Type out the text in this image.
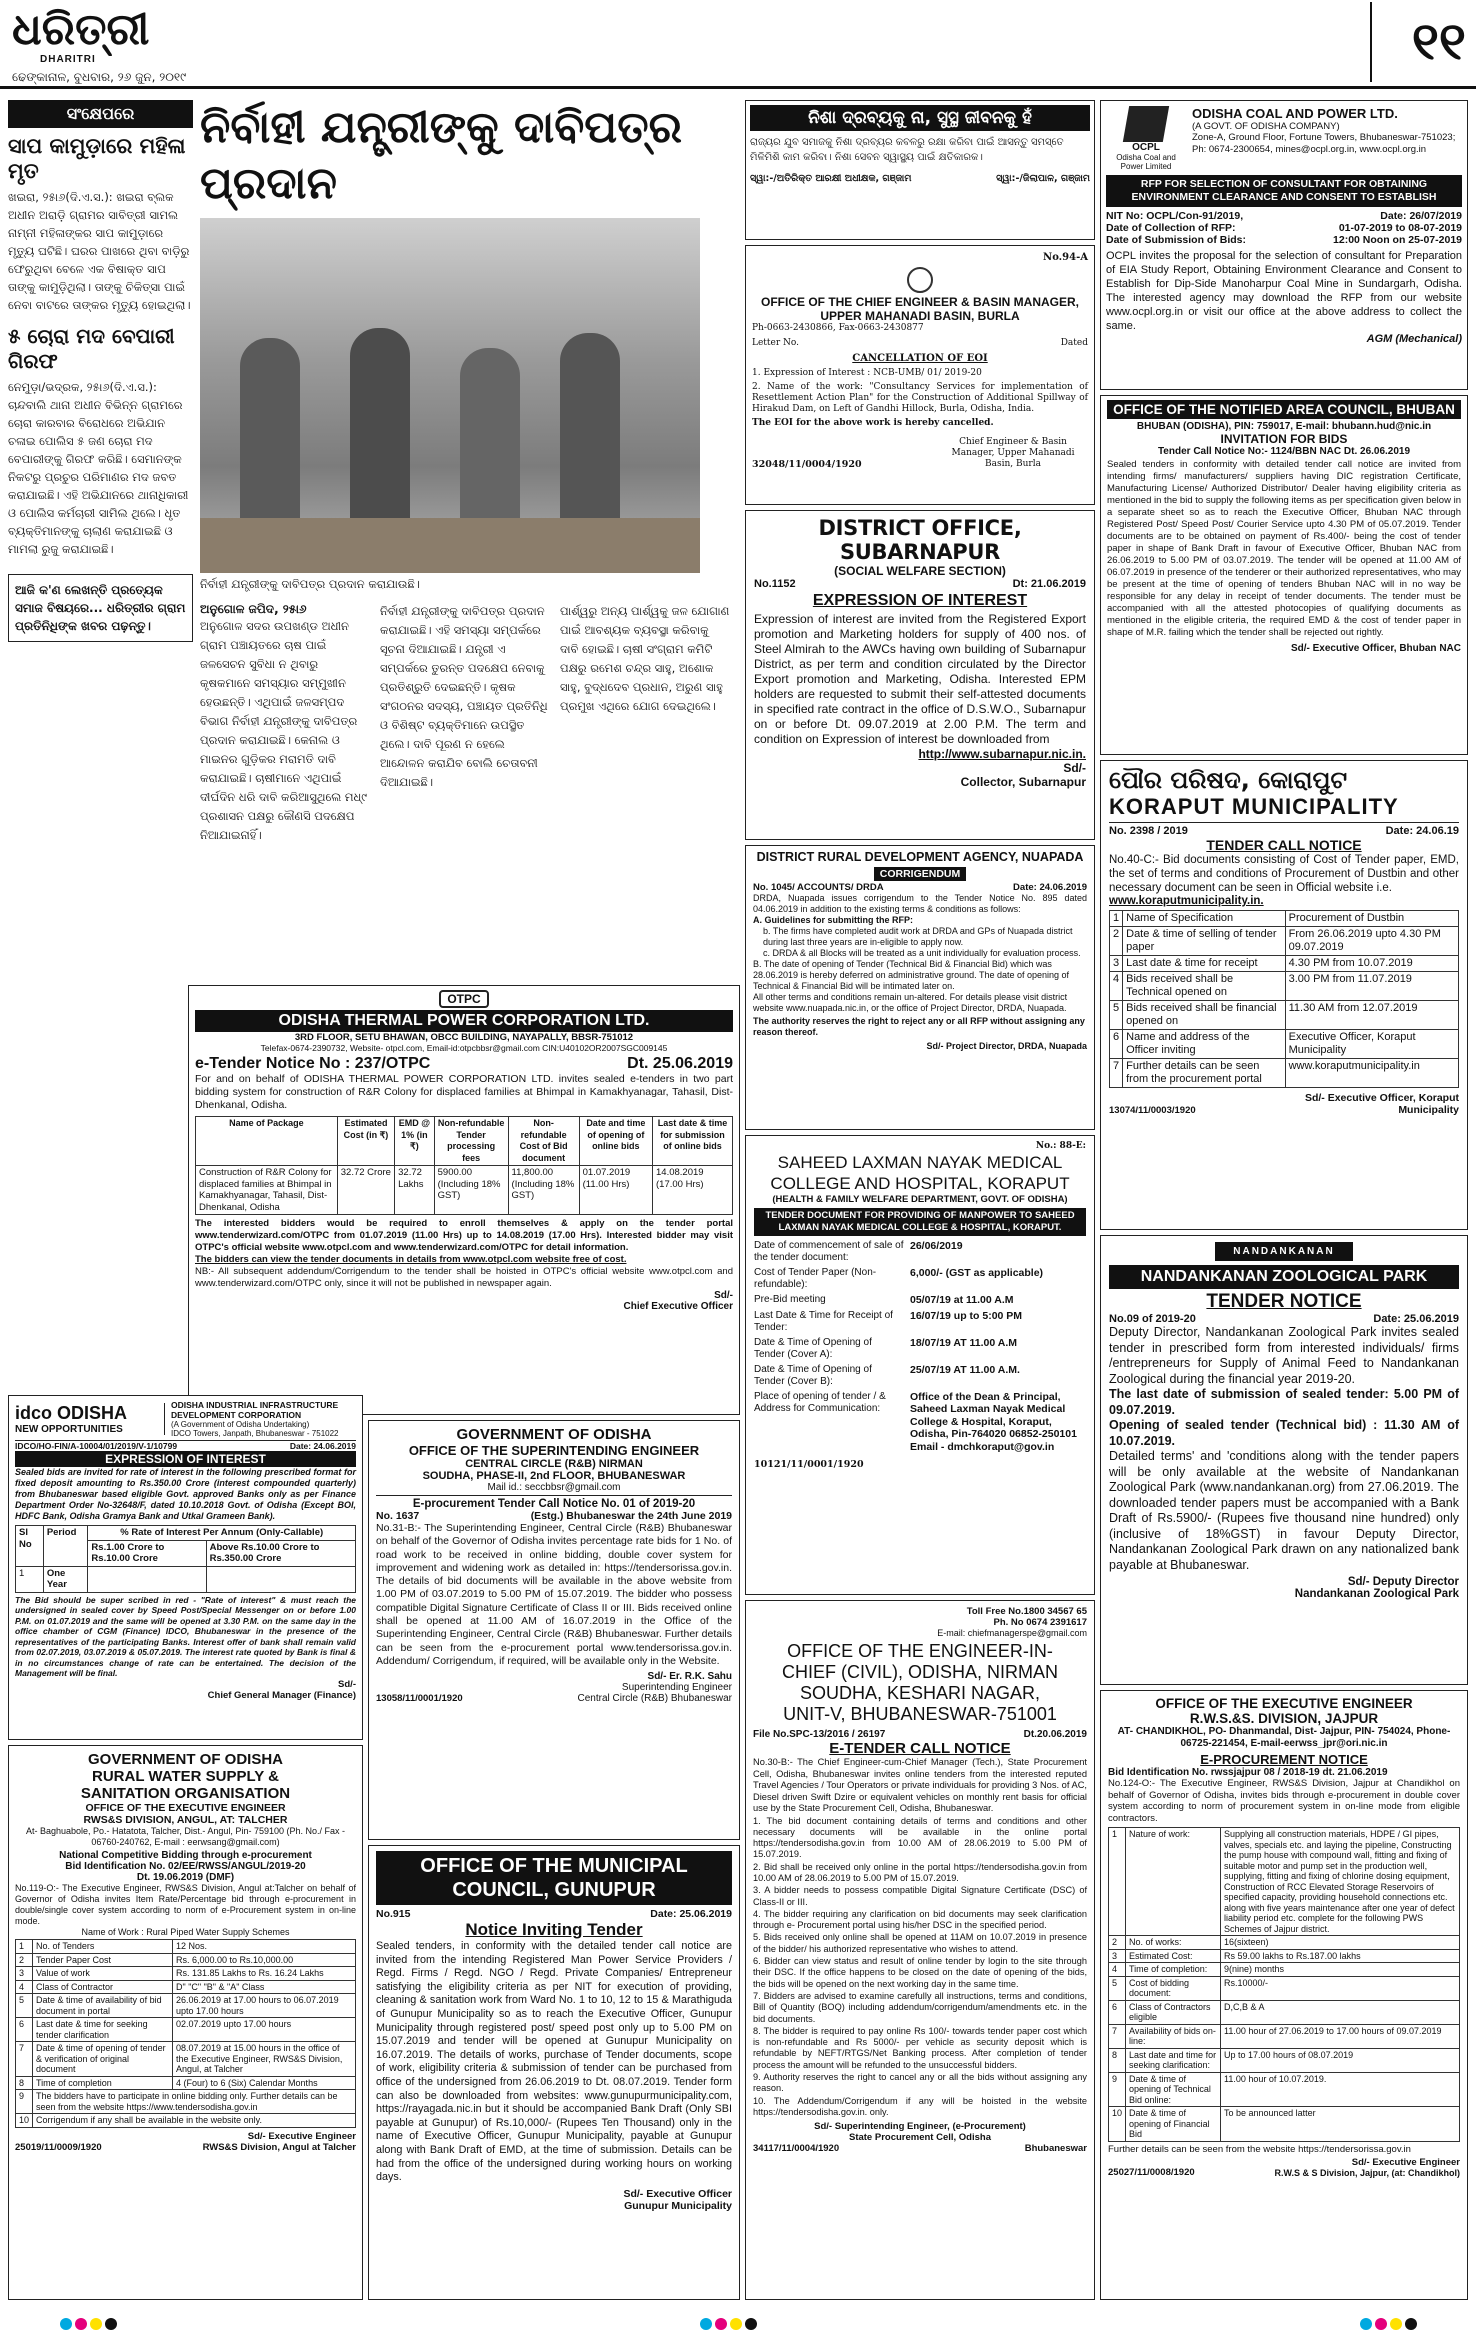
ଧରିତ୍ରୀ
DHARITRI
ଢେଙ୍କାନାଳ, ବୁଧବାର, ୨୬ ଜୁନ, ୨୦୧୯
୧୧
ସଂକ୍ଷେପରେ
ସାପ କାମୁଡ଼ାରେ ମହିଳା ମୃତ
ଖଇରା, ୨୫ା୬(ଦି.ଏ.ସ.): ଖଇରା ବ୍ଲକ ଅଧୀନ ଅରାଡ଼ି ଗ୍ରାମର ସାବିତ୍ରୀ ସାମଲ ନାମ୍ନୀ ମହିଳାଙ୍କର ସାପ କାମୁଡ଼ାରେ ମୃତ୍ୟୁ ଘଟିଛି। ଘରର ପାଖରେ ଥିବା ବାଡ଼ିରୁ ଫେରୁଥିବା ବେଳେ ଏକ ବିଷାକ୍ତ ସାପ ତାଙ୍କୁ କାମୁଡ଼ିଥିଲା। ତାଙ୍କୁ ଚିକିତ୍ସା ପାଇଁ ନେବା ବାଟରେ ତାଙ୍କର ମୃତ୍ୟୁ ହୋଇଥିଲା।
୫ ଚୋରା ମଦ ବେପାରୀ ଗିରଫ
ନେମୁଡ଼ା/ଭଦ୍ରକ, ୨୫ା୬(ଦି.ଏ.ସ.): ଚାନ୍ଦବାଲି ଥାନା ଅଧୀନ ବିଭିନ୍ନ ଗ୍ରାମରେ ଚୋରା କାରବାର ବିରୋଧରେ ଅଭିଯାନ ଚଳାଇ ପୋଲିସ ୫ ଜଣ ଚୋରା ମଦ ବେପାରୀଙ୍କୁ ଗିରଫ କରିଛି। ସେମାନଙ୍କ ନିକଟରୁ ପ୍ରଚୁର ପରିମାଣର ମଦ ଜବତ କରାଯାଇଛି। ଏହି ଅଭିଯାନରେ ଥାନାଧିକାରୀ ଓ ପୋଲିସ କର୍ମଚାରୀ ସାମିଲ ଥିଲେ। ଧୃତ ବ୍ୟକ୍ତିମାନଙ୍କୁ ଚାଲାଣ କରାଯାଇଛି ଓ ମାମଲା ରୁଜୁ କରାଯାଇଛି।
ଆଜି କ'ଣ ଲେଖନ୍ତି ପ୍ରତ୍ୟେକ ସମାଜ ବିଷୟରେ... ଧରିତ୍ରୀର ଗ୍ରାମ ପ୍ରତିନିଧିଙ୍କ ଖବର ପଢ଼ନ୍ତୁ।
ନିର୍ବାହୀ ଯନ୍ତ୍ରୀଙ୍କୁ ଦାବିପତ୍ର ପ୍ରଦାନ
ନିର୍ବାହୀ ଯନ୍ତ୍ରୀଙ୍କୁ ଦାବିପତ୍ର ପ୍ରଦାନ କରାଯାଉଛି।
ଅନୁଗୋଳ ଜପିଦ, ୨୫ା୬
ଅନୁଗୋଳ ସଦର ଉପଖଣ୍ଡ ଅଧୀନ ଗ୍ରାମ ପଞ୍ଚାୟତରେ ଚାଷ ପାଇଁ ଜଳସେଚନ ସୁବିଧା ନ ଥିବାରୁ କୃଷକମାନେ ସମସ୍ୟାର ସମ୍ମୁଖୀନ ହେଉଛନ୍ତି। ଏଥିପାଇଁ ଜଳସମ୍ପଦ ବିଭାଗ ନିର୍ବାହୀ ଯନ୍ତ୍ରୀଙ୍କୁ ଦାବିପତ୍ର ପ୍ରଦାନ କରାଯାଇଛି। କେନାଲ ଓ ମାଇନର ଗୁଡ଼ିକର ମରାମତି ଦାବି କରାଯାଇଛି। ଚାଷୀମାନେ ଏଥିପାଇଁ ଦୀର୍ଘଦିନ ଧରି ଦାବି କରିଆସୁଥିଲେ ମଧ୍୯ ପ୍ରଶାସନ ପକ୍ଷରୁ କୌଣସି ପଦକ୍ଷେପ ନିଆଯାଇନାହିଁ।
ନିର୍ବାହୀ ଯନ୍ତ୍ରୀଙ୍କୁ ଦାବିପତ୍ର ପ୍ରଦାନ କରାଯାଇଛି। ଏହି ସମସ୍ୟା ସମ୍ପର୍କରେ ସୂଚନା ଦିଆଯାଇଛି। ଯନ୍ତ୍ରୀ ଏ ସମ୍ପର୍କରେ ତୁରନ୍ତ ପଦକ୍ଷେପ ନେବାକୁ ପ୍ରତିଶ୍ରୁତି ଦେଇଛନ୍ତି। କୃଷକ ସଂଗଠନର ସଦସ୍ୟ, ପଞ୍ଚାୟତ ପ୍ରତିନିଧି ଓ ବିଶିଷ୍ଟ ବ୍ୟକ୍ତିମାନେ ଉପସ୍ଥିତ ଥିଲେ। ଦାବି ପୂରଣ ନ ହେଲେ ଆନ୍ଦୋଳନ କରାଯିବ ବୋଲି ଚେତାବନୀ ଦିଆଯାଇଛି।
ପାର୍ଶ୍ୱରୁ ଅନ୍ୟ ପାର୍ଶ୍ୱକୁ ଜଳ ଯୋଗାଣ ପାଇଁ ଆବଶ୍ୟକ ବ୍ୟବସ୍ଥା କରିବାକୁ ଦାବି ହୋଇଛି। ଚାଷୀ ସଂଗ୍ରାମ କମିଟି ପକ୍ଷରୁ ରମେଶ ଚନ୍ଦ୍ର ସାହୁ, ଅଶୋକ ସାହୁ, ବୁଦ୍ଧଦେବ ପ୍ରଧାନ, ଅରୁଣ ସାହୁ ପ୍ରମୁଖ ଏଥିରେ ଯୋଗ ଦେଇଥିଲେ।
ନିଶା ଦ୍ରବ୍ୟକୁ ନା, ସୁସ୍ଥ ଜୀବନକୁ ହଁ
ରାଜ୍ୟର ଯୁବ ସମାଜକୁ ନିଶା ଦ୍ରବ୍ୟର କବଳରୁ ରକ୍ଷା କରିବା ପାଇଁ ଆସନ୍ତୁ ସମସ୍ତେ ମିଳିମିଶି କାମ କରିବା। ନିଶା ସେବନ ସ୍ୱାସ୍ଥ୍ୟ ପାଇଁ କ୍ଷତିକାରକ।
ସ୍ୱା:-/ଅତିରିକ୍ତ ଆରକ୍ଷୀ ଅଧୀକ୍ଷକ, ଗଞ୍ଜାମ	ସ୍ୱା:-/ଜିଲାପାଳ, ଗଞ୍ଜାମ
OCPL
Odisha Coal and Power Limited
ODISHA COAL AND POWER LTD.
(A GOVT. OF ODISHA COMPANY)
Zone-A, Ground Floor, Fortune Towers, Bhubaneswar-751023; Ph: 0674-2300654, mines@ocpl.org.in, www.ocpl.org.in
RFP FOR SELECTION OF CONSULTANT FOR OBTAINING ENVIRONMENT CLEARANCE AND CONSENT TO ESTABLISH
NIT No: OCPL/Con-91/2019,	Date: 26/07/2019
Date of Collection of RFP:	01-07-2019 to 08-07-2019
Date of Submission of Bids:	12:00 Noon on 25-07-2019
OCPL invites the proposal for the selection of consultant for Preparation of EIA Study Report, Obtaining Environment Clearance and Consent to Establish for Dip-Side Manoharpur Coal Mine in Sundargarh, Odisha. The interested agency may download the RFP from our website www.ocpl.org.in or visit our office at the above address to collect the same.
AGM (Mechanical)
No.94-A
OFFICE OF THE CHIEF ENGINEER & BASIN MANAGER, UPPER MAHANADI BASIN, BURLA
Ph-0663-2430866, Fax-0663-2430877
Letter No.	Dated
CANCELLATION OF EOI
1. Expression of Interest : NCB-UMB/ 01/ 2019-20
2. Name of the work: "Consultancy Services for implementation of Resettlement Action Plan" for the Construction of Additional Spillway of Hirakud Dam, on Left of Gandhi Hillock, Burla, Odisha, India.
The EOI for the above work is hereby cancelled.
32048/11/0004/1920
Chief Engineer & Basin Manager, Upper Mahanadi Basin, Burla
OFFICE OF THE NOTIFIED AREA COUNCIL, BHUBAN
BHUBAN (ODISHA), PIN: 759017, E-mail: bhubann.hud@nic.in
INVITATION FOR BIDS
Tender Call Notice No:- 1124/BBN NAC Dt. 26.06.2019
Sealed tenders in conformity with detailed tender call notice are invited from intending firms/ manufacturers/ suppliers having DIC registration Certificate, Manufacturing License/ Authorized Distributor/ Dealer having eligibility criteria as mentioned in the bid to supply the following items as per specification given below in a separate sheet so as to reach the Executive Officer, Bhuban NAC through Registered Post/ Speed Post/ Courier Service upto 4.30 PM of 05.07.2019. Tender documents are to be obtained on payment of Rs.400/- being the cost of tender paper in shape of Bank Draft in favour of Executive Officer, Bhuban NAC from 26.06.2019 to 5.00 PM of 03.07.2019. The tender will be opened at 11.00 AM of 06.07.2019 in presence of the tenderer or their authorized representatives, who may be present at the time of opening of tenders Bhuban NAC will in no way be responsible for any delay in receipt of tender documents. The tender must be accompanied with all the attested photocopies of qualifying documents as mentioned in the eligible criteria, the required EMD & the cost of tender paper in shape of M.R. failing which the tender shall be rejected out rightly.
Sd/- Executive Officer, Bhuban NAC
DISTRICT OFFICE, SUBARNAPUR
(SOCIAL WELFARE SECTION)
No.1152	Dt: 21.06.2019
EXPRESSION OF INTEREST
Expression of interest are invited from the Registered Export promotion and Marketing holders for supply of 400 nos. of Steel Almirah to the AWCs having own building of Subarnapur District, as per term and condition circulated by the Director Export promotion and Marketing, Odisha. Interested EPM holders are requested to submit their self-attested documents in specified rate contract in the office of D.S.W.O., Subarnapur on or before Dt. 09.07.2019 at 2.00 P.M. The term and condition on Expression of interest be downloaded from
http://www.subarnapur.nic.in.
Sd/-
Collector, Subarnapur ପୌର ପରିଷଦ, କୋରାପୁଟ
KORAPUT MUNICIPALITY
No. 2398 / 2019	Date: 24.06.19
TENDER CALL NOTICE
No.40-C:- Bid documents consisting of Cost of Tender paper, EMD, the set of terms and conditions of Procurement of Dustbin and other necessary document can be seen in Official website i.e.
www.koraputmunicipality.in.
1	Name of Specification	Procurement of Dustbin
2	Date & time of selling of tender paper	From 26.06.2019 upto 4.30 PM 09.07.2019
3	Last date & time for receipt	4.30 PM from 10.07.2019
4	Bids received shall be Technical opened on	3.00 PM from 11.07.2019
5	Bids received shall be financial opened on	11.30 AM from 12.07.2019
6	Name and address of the Officer inviting	Executive Officer, Koraput Municipality
7	Further details can be seen from the procurement portal	www.koraputmunicipality.in
13074/11/0003/1920
Sd/- Executive Officer, Koraput Municipality
DISTRICT RURAL DEVELOPMENT AGENCY, NUAPADA
CORRIGENDUM
No. 1045/ ACCOUNTS/ DRDA	Date: 24.06.2019
DRDA, Nuapada issues corrigendum to the Tender Notice No. 895 dated 04.06.2019 in addition to the existing terms & conditions as follows:
A. Guidelines for submitting the RFP:
b. The firms have completed audit work at DRDA and GPs of Nuapada district during last three years are in-eligible to apply now.
c. DRDA & all Blocks will be treated as a unit individually for evaluation process.
B. The date of opening of Tender (Technical Bid & Financial Bid) which was 28.06.2019 is hereby deferred on administrative ground. The date of opening of Technical & Financial Bid will be intimated later on.
All other terms and conditions remain un-altered. For details please visit district website www.nuapada.nic.in, or the office of Project Director, DRDA, Nuapada.
The authority reserves the right to reject any or all RFP without assigning any reason thereof.
Sd/- Project Director, DRDA, Nuapada
OTPC
ODISHA THERMAL POWER CORPORATION LTD.
3RD FLOOR, SETU BHAWAN, OBCC BUILDING, NAYAPALLY, BBSR-751012
Telefax-0674-2390732, Website- otpcl.com, Email-id:otpcbbsr@gmail.com CIN:U40102OR2007SGC009145
e-Tender Notice No : 237/OTPC	Dt. 25.06.2019
For and on behalf of ODISHA THERMAL POWER CORPORATION LTD. invites sealed e-tenders in two part bidding system for construction of R&R Colony for displaced families at Bhimpal in Kamakhyanagar, Tahasil, Dist-Dhenkanal, Odisha.
Name of Package	Estimated Cost (in ₹)	EMD @ 1% (in ₹)	Non-refundable Tender processing fees	Non-refundable Cost of Bid document	Date and time of opening of online bids	Last date & time for submission of online bids
Construction of R&R Colony for displaced families at Bhimpal in Kamakhyanagar, Tahasil, Dist-Dhenkanal, Odisha	32.72 Crore	32.72 Lakhs	5900.00 (Including 18% GST)	11,800.00 (Including 18% GST)	01.07.2019 (11.00 Hrs)	14.08.2019 (17.00 Hrs)
The interested bidders would be required to enroll themselves & apply on the tender portal www.tenderwizard.com/OTPC from 01.07.2019 (11.00 Hrs) up to 14.08.2019 (17.00 Hrs). Interested bidder may visit OTPC's official website www.otpcl.com and www.tenderwizard.com/OTPC for detail information.
The bidders can view the tender documents in details from www.otpcl.com website free of cost.
NB:- All subsequent addendum/Corrigendum to the tender shall be hoisted in OTPC's official website www.otpcl.com and www.tenderwizard.com/OTPC only, since it will not be published in newspaper again.
Sd/-
Chief Executive Officer
No.: 88-E:
SAHEED LAXMAN NAYAK MEDICAL
COLLEGE AND HOSPITAL, KORAPUT
(HEALTH & FAMILY WELFARE DEPARTMENT, GOVT. OF ODISHA)
TENDER DOCUMENT FOR PROVIDING OF MANPOWER TO SAHEED LAXMAN NAYAK MEDICAL COLLEGE & HOSPITAL, KORAPUT.
Date of commencement of sale of the tender document:
26/06/2019
Cost of Tender Paper (Non-refundable):
6,000/- (GST as applicable)
Pre-Bid meeting	05/07/19 at 11.00 A.M
Last Date & Time for Receipt of Tender:
16/07/19 up to 5:00 PM
Date & Time of Opening of Tender (Cover A):
18/07/19 AT 11.00 A.M
Date & Time of Opening of Tender (Cover B):
25/07/19 AT 11.00 A.M.
Place of opening of tender / & Address for Communication:
Office of the Dean & Principal, Saheed Laxman Nayak Medical College & Hospital, Koraput, Odisha, Pin-764020 06852-250101 Email - dmchkoraput@gov.in
10121/11/0001/1920
NANDANKANAN
NANDANKANAN ZOOLOGICAL PARK
TENDER NOTICE
No.09 of 2019-20	Date: 25.06.2019
Deputy Director, Nandankanan Zoological Park invites sealed tender in prescribed form from interested individuals/ firms /entrepreneurs for Supply of Animal Feed to Nandankanan Zoological during the financial year 2019-20.
The last date of submission of sealed tender: 5.00 PM of 09.07.2019.
Opening of sealed tender (Technical bid) : 11.30 AM of 10.07.2019.
Detailed terms' and 'conditions along with the tender papers will be only available at the website of Nandankanan Zoological Park (www.nandankanan.org) from 27.06.2019. The downloaded tender papers must be accompanied with a Bank Draft of Rs.5900/- (Rupees five thousand nine hundred) only (inclusive of 18%GST) in favour Deputy Director, Nandankanan Zoological Park drawn on any nationalized bank payable at Bhubaneswar.
Sd/- Deputy Director
Nandankanan Zoological Park
idco ODISHA
NEW OPPORTUNITIES
ODISHA INDUSTRIAL INFRASTRUCTURE DEVELOPMENT CORPORATION
(A Government of Odisha Undertaking)
IDCO Towers, Janpath, Bhubaneswar - 751022
IDCO/HO-FIN/A-10004/01/2019/V-1/10799	Date: 24.06.2019
EXPRESSION OF INTEREST
Sealed bids are invited for rate of interest in the following prescribed format for fixed deposit amounting to Rs.350.00 Crore (interest compounded quarterly) from Bhubaneswar based eligible Govt. approved Banks only as per Finance Department Order No-32648/F, dated 10.10.2018 Govt. of Odisha (Except BOI, HDFC Bank, Odisha Gramya Bank and Utkal Grameen Bank).
Sl No	Period	% Rate of Interest Per Annum (Only-Callable)	
		Rs.1.00 Crore to Rs.10.00 Crore	Above Rs.10.00 Crore to Rs.350.00 Crore
1	One Year		
The Bid should be super scribed in red - "Rate of interest" & must reach the undersigned in sealed cover by Speed Post/Special Messenger on or before 1.00 P.M. on 01.07.2019 and the same will be opened at 3.30 P.M. on the same day in the office chamber of CGM (Finance) IDCO, Bhubaneswar in the presence of the representatives of the participating Banks. Interest offer of bank shall remain valid from 02.07.2019, 03.07.2019 & 05.07.2019. The interest rate quoted by Bank is final & in no circumstances change of rate can be entertained. The decision of the Management will be final.
Sd/-
Chief General Manager (Finance)
GOVERNMENT OF ODISHA
OFFICE OF THE SUPERINTENDING ENGINEER
CENTRAL CIRCLE (R&B) NIRMAN
SOUDHA, PHASE-II, 2nd FLOOR, BHUBANESWAR
Mail id.: seccbbsr@gmail.com
E-procurement Tender Call Notice No. 01 of 2019-20
No. 1637	(Estg.) Bhubaneswar the 24th June 2019
No.31-B:- The Superintending Engineer, Central Circle (R&B) Bhubaneswar on behalf of the Governor of Odisha invites percentage rate bids for 1 No. of road work to be received in online bidding, double cover system for improvement and widening work as detailed in: https://tendersorissa.gov.in. The details of bid documents will be available in the above website from 1.00 PM of 03.07.2019 to 5.00 PM of 15.07.2019. The bidder who possess compatible Digital Signature Certificate of Class II or III. Bids received online shall be opened at 11.00 AM of 16.07.2019 in the Office of the Superintending Engineer, Central Circle (R&B) Bhubaneswar. Further details can be seen from the e-procurement portal www.tendersorissa.gov.in. Addendum/ Corrigendum, if required, will be available only in the Website.
Sd/- Er. R.K. Sahu
Superintending Engineer
13058/11/0001/1920	Central Circle (R&B) Bhubaneswar
GOVERNMENT OF ODISHA
RURAL WATER SUPPLY &
SANITATION ORGANISATION
OFFICE OF THE EXECUTIVE ENGINEER
RWS&S DIVISION, ANGUL, AT: TALCHER
At- Baghuabole, Po.- Hatatota, Talcher, Dist.- Angul, Pin- 759100 (Ph. No./ Fax - 06760-240762, E-mail : eerwsang@gmail.com)
National Competitive Bidding through e-procurement
Bid Identification No. 02/EE/RWSS/ANGUL/2019-20
Dt. 19.06.2019 (DMF)
No.119-O:- The Executive Engineer, RWS&S Division, Angul at:Talcher on behalf of Governor of Odisha invites Item Rate/Percentage bid through e-procurement in double/single cover system according to norm of e-Procurement system in on-line mode.
Name of Work : Rural Piped Water Supply Schemes
1	No. of Tenders	12 Nos.
2	Tender Paper Cost	Rs. 6,000.00 to Rs.10,000.00
3	Value of work	Rs. 131.85 Lakhs to Rs. 16.24 Lakhs
4	Class of Contractor	D" "C" "B" & "A" Class
5	Date & time of availability of bid document in portal	26.06.2019 at 17.00 hours to 06.07.2019 upto 17.00 hours
6	Last date & time for seeking tender clarification	02.07.2019 upto 17.00 hours
7	Date & time of opening of tender & verification of original document	08.07.2019 at 15.00 hours in the office of the Executive Engineer, RWS&S Division, Angul, at Talcher
8	Time of completion	4 (Four) to 6 (Six) Calendar Months
9	The bidders have to participate in online bidding only. Further details can be seen from the website https://www.tendersodisha.gov.in	
10	Corrigendum if any shall be available in the website only.	
25019/11/0009/1920
Sd/- Executive Engineer
RWS&S Division, Angul at Talcher
OFFICE OF THE MUNICIPAL
COUNCIL, GUNUPUR
No.915	Date: 25.06.2019
Notice Inviting Tender
Sealed tenders, in conformity with the detailed tender call notice are invited from the intending Registered Man Power Service Providers / Regd. Firms / Regd. NGO / Regd. Private Companies/ Entrepreneur satisfying the eligibility criteria as per NIT for execution of providing, cleaning & sanitation work from Ward No. 1 to 10, 12 to 15 & Marathiguda of Gunupur Municipality so as to reach the Executive Officer, Gunupur Municipality through registered post/ speed post only up to 5.00 PM on 15.07.2019 and tender will be opened at Gunupur Municipality on 16.07.2019. The details of works, purchase of Tender documents, scope of work, eligibility criteria & submission of tender can be purchased from office of the undersigned from 26.06.2019 to Dt. 08.07.2019. Tender form can also be downloaded from websites: www.gunupurmunicipality.com, https://rayagada.nic.in but it should be accompanied Bank Draft (Only SBI payable at Gunupur) of Rs.10,000/- (Rupees Ten Thousand) only in the name of Executive Officer, Gunupur Municipality, payable at Gunupur along with Bank Draft of EMD, at the time of submission. Details can be had from the office of the undersigned during working hours on working days.
Sd/- Executive Officer
Gunupur Municipality
Toll Free No.1800 34567 65
Ph. No 0674 2391617
E-mail: chiefmanagerspe@gmail.com
OFFICE OF THE ENGINEER-IN-
CHIEF (CIVIL), ODISHA, NIRMAN
SOUDHA, KESHARI NAGAR,
UNIT-V, BHUBANESWAR-751001
File No.SPC-13/2016 / 26197	Dt.20.06.2019
E-TENDER CALL NOTICE
No.30-B:- The Chief Engineer-cum-Chief Manager (Tech.), State Procurement Cell, Odisha, Bhubaneswar invites online tenders from the interested reputed Travel Agencies / Tour Operators or private individuals for providing 3 Nos. of AC, Diesel driven Swift Dzire or equivalent vehicles on monthly rent basis for official use by the State Procurement Cell, Odisha, Bhubaneswar.
1. The bid document containing details of terms and conditions and other necessary documents will be available in the online portal https://tendersodisha.gov.in from 10.00 AM of 28.06.2019 to 5.00 PM of 15.07.2019.
2. Bid shall be received only online in the portal https://tendersodisha.gov.in from 10.00 AM of 28.06.2019 to 5.00 PM of 15.07.2019.
3. A bidder needs to possess compatible Digital Signature Certificate (DSC) of Class-II or III.
4. The bidder requiring any clarification on bid documents may seek clarification through e- Procurement portal using his/her DSC in the specified period.
5. Bids received only online shall be opened at 11AM on 10.07.2019 in presence of the bidder/ his authorized representative who wishes to attend.
6. Bidder can view status and result of online tender by login to the site through their DSC. If the office happens to be closed on the date of opening of the bids, the bids will be opened on the next working day in the same time.
7. Bidders are advised to examine carefully all instructions, terms and conditions, Bill of Quantity (BOQ) including addendum/corrigendum/amendments etc. in the bid documents.
8. The bidder is required to pay online Rs 100/- towards tender paper cost which is non-refundable and Rs 5000/- per vehicle as security deposit which is refundable by NEFT/RTGS/Net Banking process. After completion of tender process the amount will be refunded to the unsuccessful bidders.
9. Authority reserves the right to cancel any or all the bids without assigning any reason.
10. The Addendum/Corrigendum if any will be hoisted in the website https://tendersodisha.gov.in. only.
Sd/- Superintending Engineer, (e-Procurement)
State Procurement Cell, Odisha
34117/11/0004/1920	Bhubaneswar
OFFICE OF THE EXECUTIVE ENGINEER
R.W.S.&S. DIVISION, JAJPUR
AT- CHANDIKHOL, PO- Dhanmandal, Dist- Jajpur, PIN- 754024, Phone- 06725-221454, E-mail-eerwss_jpr@ori.nic.in
E-PROCUREMENT NOTICE
Bid Identification No. rwssjajpur 08 / 2018-19 dt. 21.06.2019
No.124-O:- The Executive Engineer, RWS&S Division, Jajpur at Chandikhol on behalf of Governor of Odisha, invites bids through e-procurement in double cover system according to norm of procurement system in on-line mode from eligible contractors.
1	Nature of work:	Supplying all construction materials, HDPE / GI pipes, valves, specials etc. and laying the pipeline, Constructing the pump house with compound wall, fitting and fixing of suitable motor and pump set in the production well, supplying, fitting and fixing of chlorine dosing equipment, Construction of RCC Elevated Storage Reservoirs of specified capacity, providing household connections etc. along with five years maintenance after one year of defect liability period etc. complete for the following PWS Schemes of Jajpur district.
2	No. of works:	16(sixteen)
3	Estimated Cost:	Rs 59.00 lakhs to Rs.187.00 lakhs
4	Time of completion:	9(nine) months
5	Cost of bidding document:	Rs.10000/-
6	Class of Contractors eligible	D,C,B & A
7	Availability of bids on-line:	11.00 hour of 27.06.2019 to 17.00 hours of 09.07.2019
8	Last date and time for seeking clarification:	Up to 17.00 hours of 08.07.2019
9	Date & time of opening of Technical Bid online:	11.00 hour of 10.07.2019.
10	Date & time of opening of Financial Bid	To be announced latter
Further details can be seen from the website https://tendersorissa.gov.in
25027/11/0008/1920
Sd/- Executive Engineer
R.W.S & S Division, Jajpur, (at: Chandikhol)
